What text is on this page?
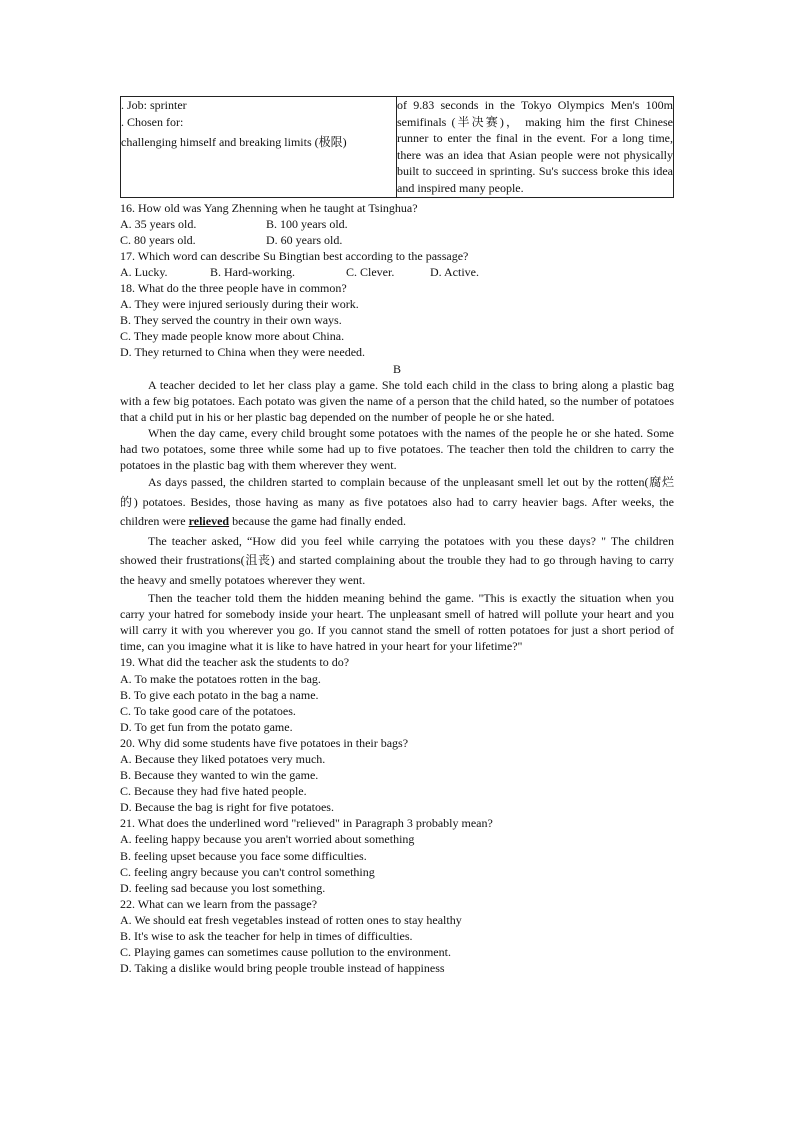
. Job: sprinter
. Chosen for:
challenging himself and breaking limits (极限)
	of 9.83 seconds in the Tokyo Olympics Men's 100m semifinals (半决赛)， making him the first Chinese runner to enter the final in the event. For a long time, there was an idea that Asian people were not physically built to succeed in sprinting. Su's success broke this idea and inspired many people.
16. How old was Yang Zhenning when he taught at Tsinghua?
A. 35 years old.	B. 100 years old.
C. 80 years old.	D. 60 years old.
17. Which word can describe Su Bingtian best according to the passage?
A. Lucky.	B. Hard-working.	C. Clever.	D. Active.
18. What do the three people have in common?
A. They were injured seriously during their work.
B. They served the country in their own ways.
C. They made people know more about China.
D. They returned to China when they were needed.
B

A teacher decided to let her class play a game. She told each child in the class to bring along a plastic bag with a few big potatoes. Each potato was given the name of a person that the child hated, so the number of potatoes that a child put in his or her plastic bag depended on the number of people he or she hated.

When the day came, every child brought some potatoes with the names of the people he or she hated. Some had two potatoes, some three while some had up to five potatoes. The teacher then told the children to carry the potatoes in the plastic bag with them wherever they went.

As days passed, the children started to complain because of the unpleasant smell let out by the rotten(腐烂的) potatoes. Besides, those having as many as five potatoes also had to carry heavier bags. After weeks, the children were relieved because the game had finally ended.

The teacher asked, “How did you feel while carrying the potatoes with you these days? " The children showed their frustrations(沮丧) and started complaining about the trouble they had to go through having to carry the heavy and smelly potatoes wherever they went.

Then the teacher told them the hidden meaning behind the game. "This is exactly the situation when you carry your hatred for somebody inside your heart. The unpleasant smell of hatred will pollute your heart and you will carry it with you wherever you go. If you cannot stand the smell of rotten potatoes for just a short period of time, can you imagine what it is like to have hatred in your heart for your lifetime?"

19. What did the teacher ask the students to do?
A. To make the potatoes rotten in the bag.
B. To give each potato in the bag a name.
C. To take good care of the potatoes.
D. To get fun from the potato game.
20. Why did some students have five potatoes in their bags?
A. Because they liked potatoes very much.
B. Because they wanted to win the game.
C. Because they had five hated people.
D. Because the bag is right for five potatoes.
21. What does the underlined word "relieved" in Paragraph 3 probably mean?
A. feeling happy because you aren't worried about something
B. feeling upset because you face some difficulties.
C. feeling angry because you can't control something
D. feeling sad because you lost something.
22. What can we learn from the passage?
A. We should eat fresh vegetables instead of rotten ones to stay healthy
B. It's wise to ask the teacher for help in times of difficulties.
C. Playing games can sometimes cause pollution to the environment.
D. Taking a dislike would bring people trouble instead of happiness
